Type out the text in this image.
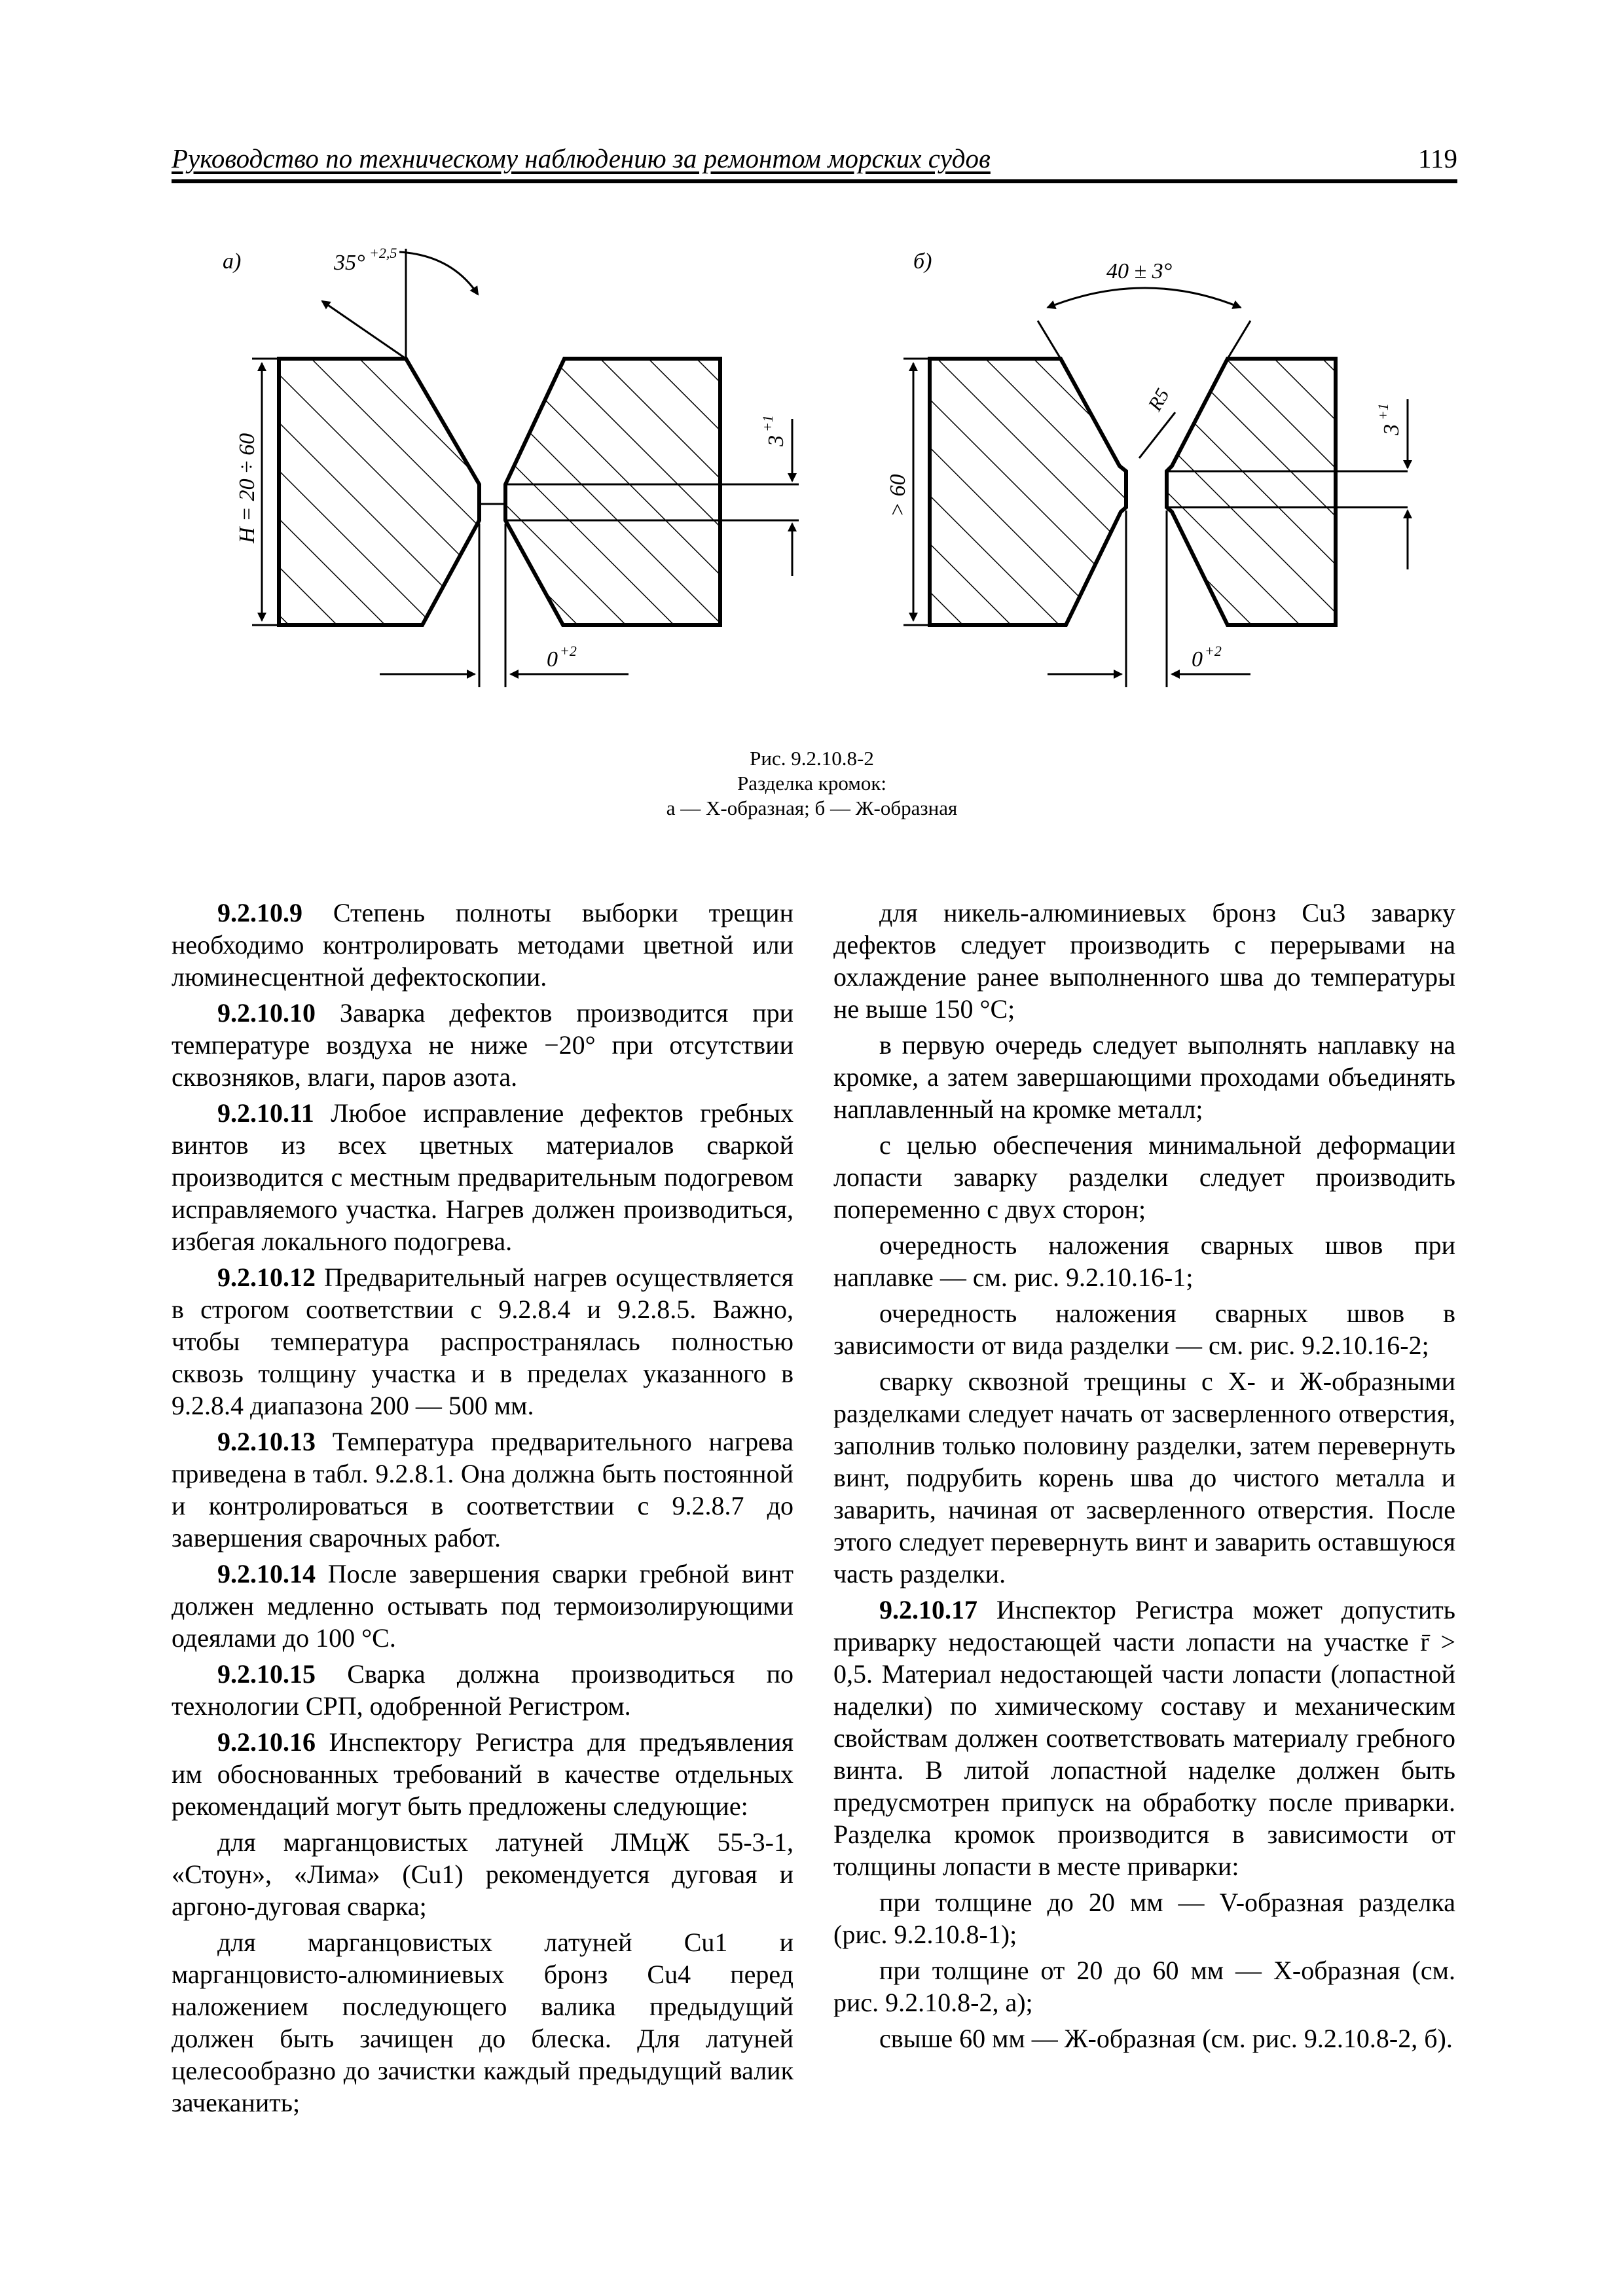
Руководство по техническому наблюдению за ремонтом морских судов	119
а)
H = 20 ÷ 60
35° +2,5
3
+1
0 +2
б)
> 60
40 ± 3°
R5
3
+1
0 +2
Рис. 9.2.10.8-2
Разделка кромок:
а — Х-образная; б — Ж-образная

9.2.10.9 Степень полноты выборки трещин необходимо контролировать методами цветной или люминесцентной дефектоскопии.

9.2.10.10 Заварка дефектов производится при температуре воздуха не ниже −20° при отсутствии сквозняков, влаги, паров азота.

9.2.10.11 Любое исправление дефектов гребных винтов из всех цветных материалов сваркой производится с местным предварительным подогревом исправляемого участка. Нагрев должен производиться, избегая локального подогрева.

9.2.10.12 Предварительный нагрев осуществляется в строгом соответствии с 9.2.8.4 и 9.2.8.5. Важно, чтобы температура распространялась полностью сквозь толщину участка и в пределах указанного в 9.2.8.4 диапазона 200 — 500 мм.

9.2.10.13 Температура предварительного нагрева приведена в табл. 9.2.8.1. Она должна быть постоянной и контролироваться в соответствии с 9.2.8.7 до завершения сварочных работ.

9.2.10.14 После завершения сварки гребной винт должен медленно остывать под термоизолирующими одеялами до 100 °С.

9.2.10.15 Сварка должна производиться по технологии СРП, одобренной Регистром.

9.2.10.16 Инспектору Регистра для предъявления им обоснованных требований в качестве отдельных рекомендаций могут быть предложены следующие:

для марганцовистых латуней ЛМцЖ 55-3-1, «Стоун», «Лима» (Cu1) рекомендуется дуговая и аргоно-дуговая сварка;

для марганцовистых латуней Cu1 и марганцовисто-алюминиевых бронз Cu4 перед наложением последующего валика предыдущий должен быть зачищен до блеска. Для латуней целесообразно до зачистки каждый предыдущий валик зачеканить;

для никель-алюминиевых бронз Cu3 заварку дефектов следует производить с перерывами на охлаждение ранее выполненного шва до температуры не выше 150 °С;

в первую очередь следует выполнять наплавку на кромке, а затем завершающими проходами объединять наплавленный на кромке металл;

с целью обеспечения минимальной деформации лопасти заварку разделки следует производить попеременно с двух сторон;

очередность наложения сварных швов при наплавке — см. рис. 9.2.10.16-1;

очередность наложения сварных швов в зависимости от вида разделки — см. рис. 9.2.10.16-2;

сварку сквозной трещины с Х- и Ж-образными разделками следует начать от засверленного отверстия, заполнив только половину разделки, затем перевернуть винт, подрубить корень шва до чистого металла и заварить, начиная от засверленного отверстия. После этого следует перевернуть винт и заварить оставшуюся часть разделки.

9.2.10.17 Инспектор Регистра может допустить приварку недостающей части лопасти на участке r̄ > 0,5. Материал недостающей части лопасти (лопастной наделки) по химическому составу и механическим свойствам должен соответствовать материалу гребного винта. В литой лопастной наделке должен быть предусмотрен припуск на обработку после приварки. Разделка кромок производится в зависимости от толщины лопасти в месте приварки:

при толщине до 20 мм — V-образная разделка (рис. 9.2.10.8-1);

при толщине от 20 до 60 мм — Х-образная (см. рис. 9.2.10.8-2, а);

свыше 60 мм — Ж-образная (см. рис. 9.2.10.8-2, б).
